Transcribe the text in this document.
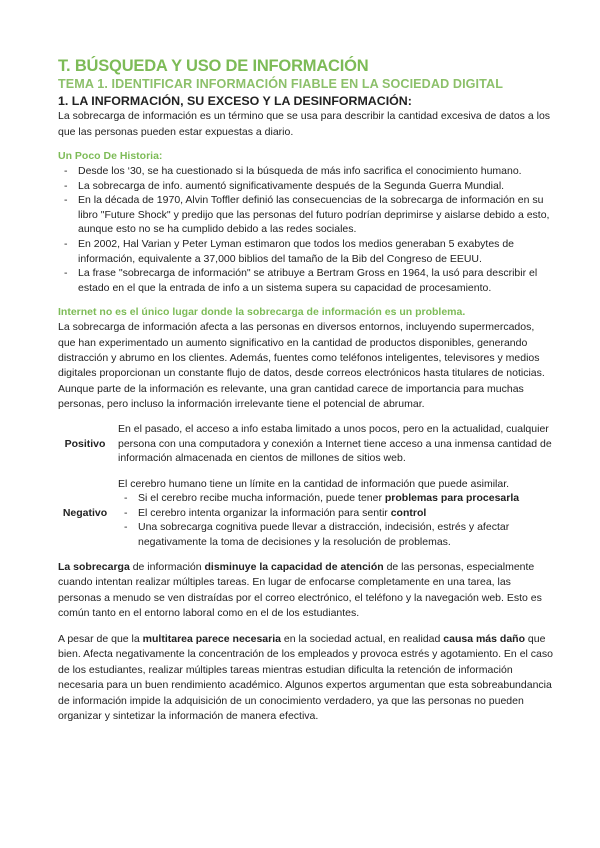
T. BÚSQUEDA Y USO DE INFORMACIÓN
TEMA 1. IDENTIFICAR INFORMACIÓN FIABLE EN LA SOCIEDAD DIGITAL
1. LA INFORMACIÓN, SU EXCESO Y LA DESINFORMACIÓN:

La sobrecarga de información es un término que se usa para describir la cantidad excesiva de datos a los que las personas pueden estar expuestas a diario.

Un Poco De Historia:
- Desde los ‘30, se ha cuestionado si la búsqueda de más info sacrifica el conocimiento humano.
- La sobrecarga de info. aumentó significativamente después de la Segunda Guerra Mundial.
- En la década de 1970, Alvin Toffler definió las consecuencias de la sobrecarga de información en su libro "Future Shock" y predijo que las personas del futuro podrían deprimirse y aislarse debido a esto, aunque esto no se ha cumplido debido a las redes sociales.
- En 2002, Hal Varian y Peter Lyman estimaron que todos los medios generaban 5 exabytes de información, equivalente a 37,000 biblios del tamaño de la Bib del Congreso de EEUU.
- La frase "sobrecarga de información" se atribuye a Bertram Gross en 1964, la usó para describir el estado en el que la entrada de info a un sistema supera su capacidad de procesamiento.
Internet no es el único lugar donde la sobrecarga de información es un problema.

La sobrecarga de información afecta a las personas en diversos entornos, incluyendo supermercados, que han experimentado un aumento significativo en la cantidad de productos disponibles, generando distracción y abrumo en los clientes. Además, fuentes como teléfonos inteligentes, televisores y medios digitales proporcionan un constante flujo de datos, desde correos electrónicos hasta titulares de noticias. Aunque parte de la información es relevante, una gran cantidad carece de importancia para muchas personas, pero incluso la información irrelevante tiene el potencial de abrumar.

Positivo
En el pasado, el acceso a info estaba limitado a unos pocos, pero en la actualidad, cualquier persona con una computadora y conexión a Internet tiene acceso a una inmensa cantidad de información almacenada en cientos de millones de sitios web.
Negativo
El cerebro humano tiene un límite en la cantidad de información que puede asimilar.
- Si el cerebro recibe mucha información, puede tener problemas para procesarla
- El cerebro intenta organizar la información para sentir control
- Una sobrecarga cognitiva puede llevar a distracción, indecisión, estrés y afectar negativamente la toma de decisiones y la resolución de problemas.

La sobrecarga de información disminuye la capacidad de atención de las personas, especialmente cuando intentan realizar múltiples tareas. En lugar de enfocarse completamente en una tarea, las personas a menudo se ven distraídas por el correo electrónico, el teléfono y la navegación web. Esto es común tanto en el entorno laboral como en el de los estudiantes.

A pesar de que la multitarea parece necesaria en la sociedad actual, en realidad causa más daño que bien. Afecta negativamente la concentración de los empleados y provoca estrés y agotamiento. En el caso de los estudiantes, realizar múltiples tareas mientras estudian dificulta la retención de información necesaria para un buen rendimiento académico. Algunos expertos argumentan que esta sobreabundancia de información impide la adquisición de un conocimiento verdadero, ya que las personas no pueden organizar y sintetizar la información de manera efectiva.
